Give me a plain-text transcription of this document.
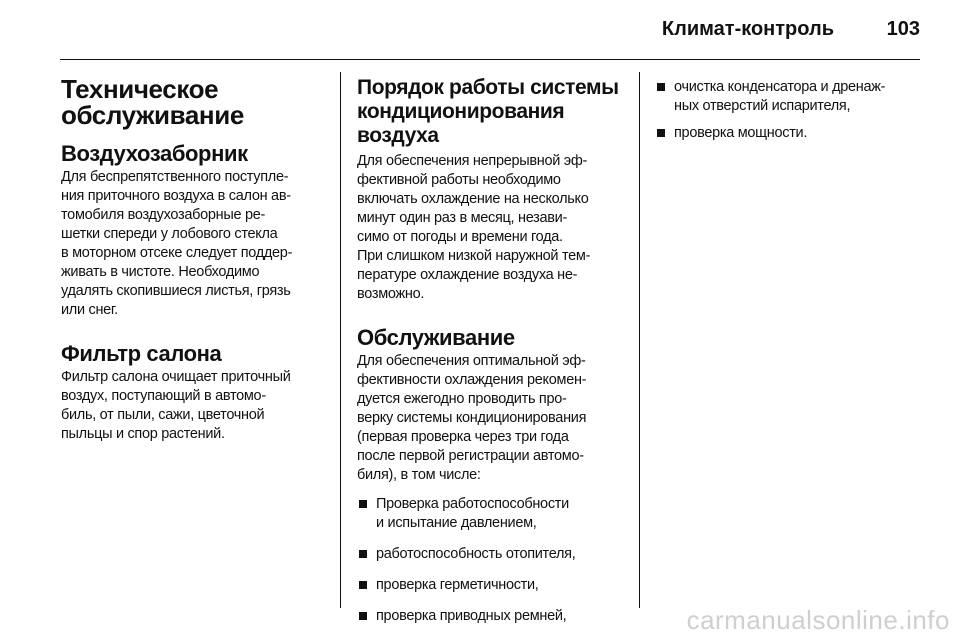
Климат-контроль	103
Техническое
обслуживание
Воздухозаборник

Для беспрепятственного поступле-
ния приточного воздуха в салон ав-
томобиля воздухозаборные ре-
шетки спереди у лобового стекла
в моторном отсеке следует поддер-
живать в чистоте. Необходимо
удалять скопившиеся листья, грязь
или снег.

Фильтр салона

Фильтр салона очищает приточный
воздух, поступающий в автомо-
биль, от пыли, сажи, цветочной
пыльцы и спор растений.

Порядок работы системы
кондиционирования
воздуха

Для обеспечения непрерывной эф-
фективной работы необходимо
включать охлаждение на несколько
минут один раз в месяц, незави-
симо от погоды и времени года.
При слишком низкой наружной тем-
пературе охлаждение воздуха не-
возможно.

Обслуживание

Для обеспечения оптимальной эф-
фективности охлаждения рекомен-
дуется ежегодно проводить про-
верку системы кондиционирования
(первая проверка через три года
после первой регистрации автомо-
биля), в том числе:

Проверка работоспособности
и испытание давлением,
работоспособность отопителя,
проверка герметичности,
проверка приводных ремней,
очистка конденсатора и дренаж-
ных отверстий испарителя,
проверка мощности.
carmanualsonline.info
